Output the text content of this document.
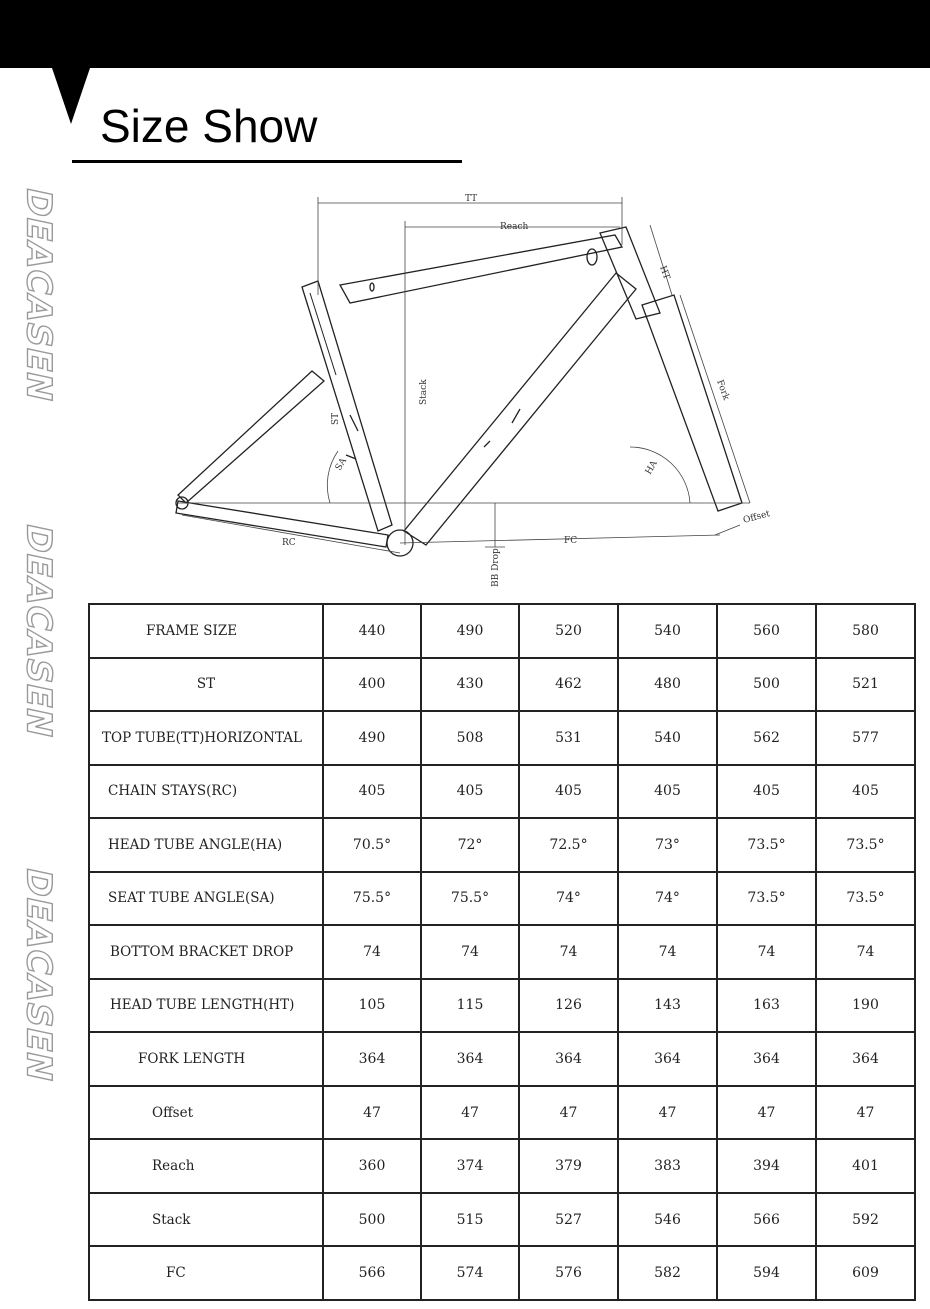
Size Show
DEACASEN
DEACASEN
DEACASEN
TT
Reach
HT
Stack
ST
Fork
SA	HA
RC	FC
Offset
BB Drop
FRAME SIZE	440	490	520	540	560	580
ST	400	430	462	480	500	521
TOP TUBE(TT)HORIZONTAL	490	508	531	540	562	577
CHAIN STAYS(RC)	405	405	405	405	405	405
HEAD TUBE ANGLE(HA)	70.5°	72°	72.5°	73°	73.5°	73.5°
SEAT TUBE ANGLE(SA)	75.5°	75.5°	74°	74°	73.5°	73.5°
BOTTOM BRACKET DROP	74	74	74	74	74	74
HEAD TUBE LENGTH(HT)	105	115	126	143	163	190
FORK LENGTH	364	364	364	364	364	364
Offset	47	47	47	47	47	47
Reach	360	374	379	383	394	401
Stack	500	515	527	546	566	592
FC	566	574	576	582	594	609
